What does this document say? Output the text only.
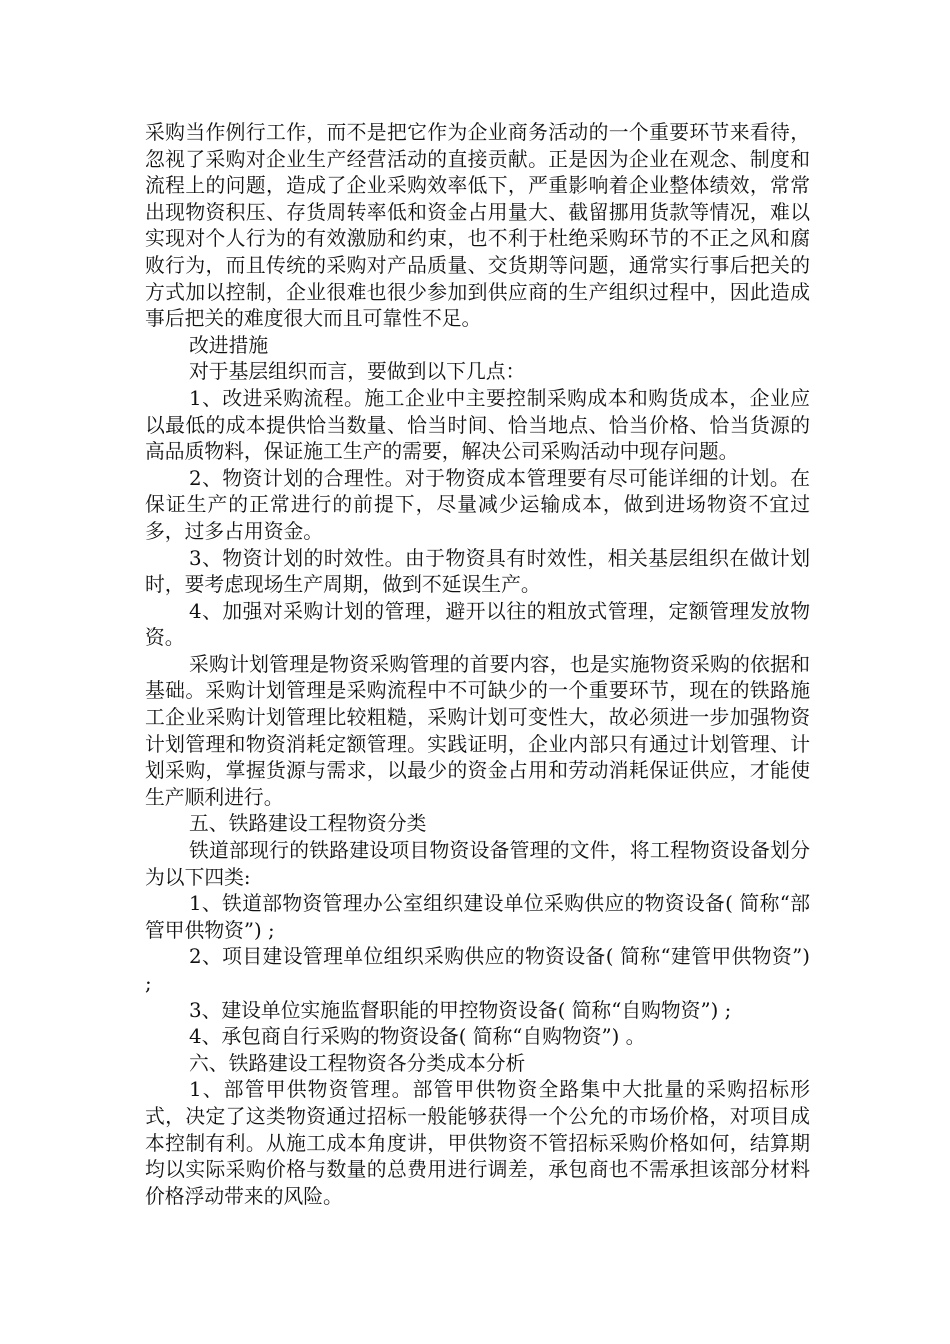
采购当作例行工作，而不是把它作为企业商务活动的一个重要环节来看待，忽视了采购对企业生产经营活动的直接贡献。正是因为企业在观念、制度和流程上的问题，造成了企业采购效率低下，严重影响着企业整体绩效，常常出现物资积压、存货周转率低和资金占用量大、截留挪用货款等情况，难以实现对个人行为的有效激励和约束，也不利于杜绝采购环节的不正之风和腐败行为，而且传统的采购对产品质量、交货期等问题，通常实行事后把关的方式加以控制，企业很难也很少参加到供应商的生产组织过程中，因此造成事后把关的难度很大而且可靠性不足。

改进措施

对于基层组织而言，要做到以下几点：

1、改进采购流程。施工企业中主要控制采购成本和购货成本，企业应以最低的成本提供恰当数量、恰当时间、恰当地点、恰当价格、恰当货源的高品质物料，保证施工生产的需要，解决公司采购活动中现存问题。

2、物资计划的合理性。对于物资成本管理要有尽可能详细的计划。在保证生产的正常进行的前提下，尽量减少运输成本，做到进场物资不宜过多，过多占用资金。

3、物资计划的时效性。由于物资具有时效性，相关基层组织在做计划时，要考虑现场生产周期，做到不延误生产。

4、加强对采购计划的管理，避开以往的粗放式管理，定额管理发放物资。

采购计划管理是物资采购管理的首要内容，也是实施物资采购的依据和基础。采购计划管理是采购流程中不可缺少的一个重要环节，现在的铁路施工企业采购计划管理比较粗糙，采购计划可变性大，故必须进一步加强物资计划管理和物资消耗定额管理。实践证明，企业内部只有通过计划管理、计划采购，掌握货源与需求，以最少的资金占用和劳动消耗保证供应，才能使生产顺利进行。

五、铁路建设工程物资分类

铁道部现行的铁路建设项目物资设备管理的文件，将工程物资设备划分为以下四类:

1、铁道部物资管理办公室组织建设单位采购供应的物资设备( 简称“部管甲供物资”) ;

2、项目建设管理单位组织采购供应的物资设备( 简称“建管甲供物资”) ;

3、建设单位实施监督职能的甲控物资设备( 简称“自购物资”) ;

4、承包商自行采购的物资设备( 简称“自购物资”) 。

六、铁路建设工程物资各分类成本分析

1、部管甲供物资管理。部管甲供物资全路集中大批量的采购招标形式，决定了这类物资通过招标一般能够获得一个公允的市场价格，对项目成本控制有利。从施工成本角度讲，甲供物资不管招标采购价格如何，结算期均以实际采购价格与数量的总费用进行调差，承包商也不需承担该部分材料价格浮动带来的风险。
